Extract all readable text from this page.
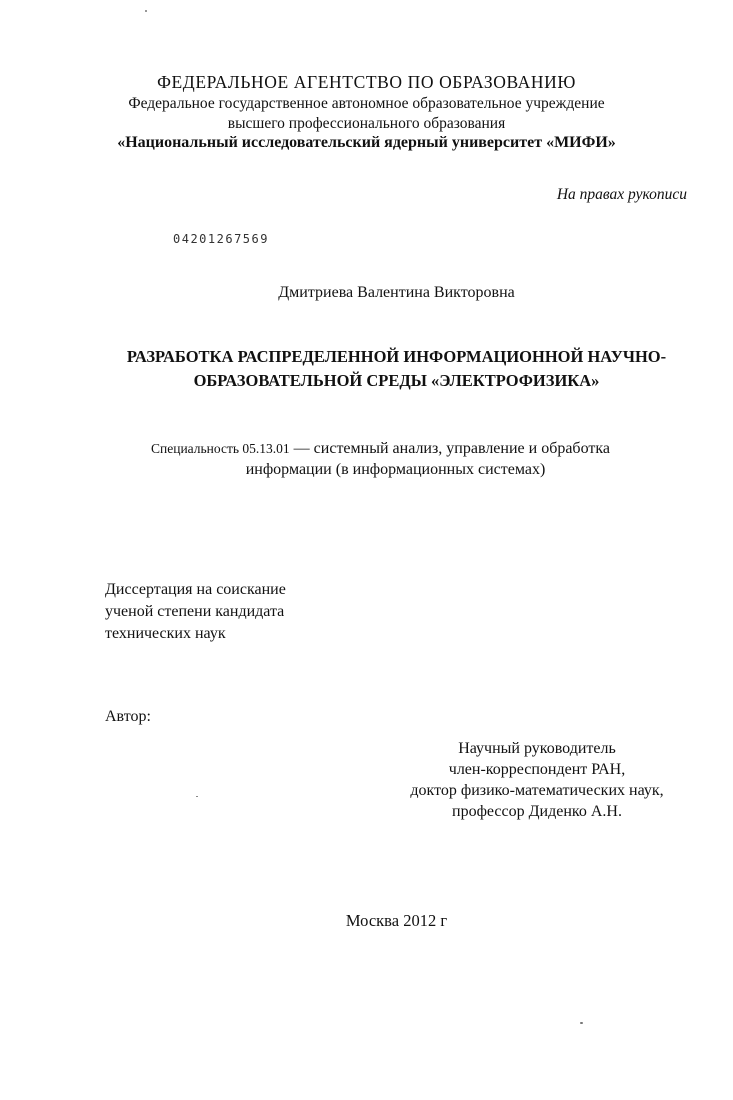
ФЕДЕРАЛЬНОЕ АГЕНТСТВО ПО ОБРАЗОВАНИЮ
Федеральное государственное автономное образовательное учреждение
высшего профессионального образования
«Национальный исследовательский ядерный университет «МИФИ»
На правах рукописи
04201267569
Дмитриева Валентина Викторовна
РАЗРАБОТКА РАСПРЕДЕЛЕННОЙ ИНФОРМАЦИОННОЙ НАУЧНО-
ОБРАЗОВАТЕЛЬНОЙ СРЕДЫ «ЭЛЕКТРОФИЗИКА»
Специальность 05.13.01 — системный анализ, управление и обработка
информации (в информационных системах)
Диссертация на соискание
ученой степени кандидата
технических наук
Автор:
Научный руководитель
член-корреспондент РАН,
доктор физико-математических наук,
профессор Диденко А.Н.
Москва 2012 г
